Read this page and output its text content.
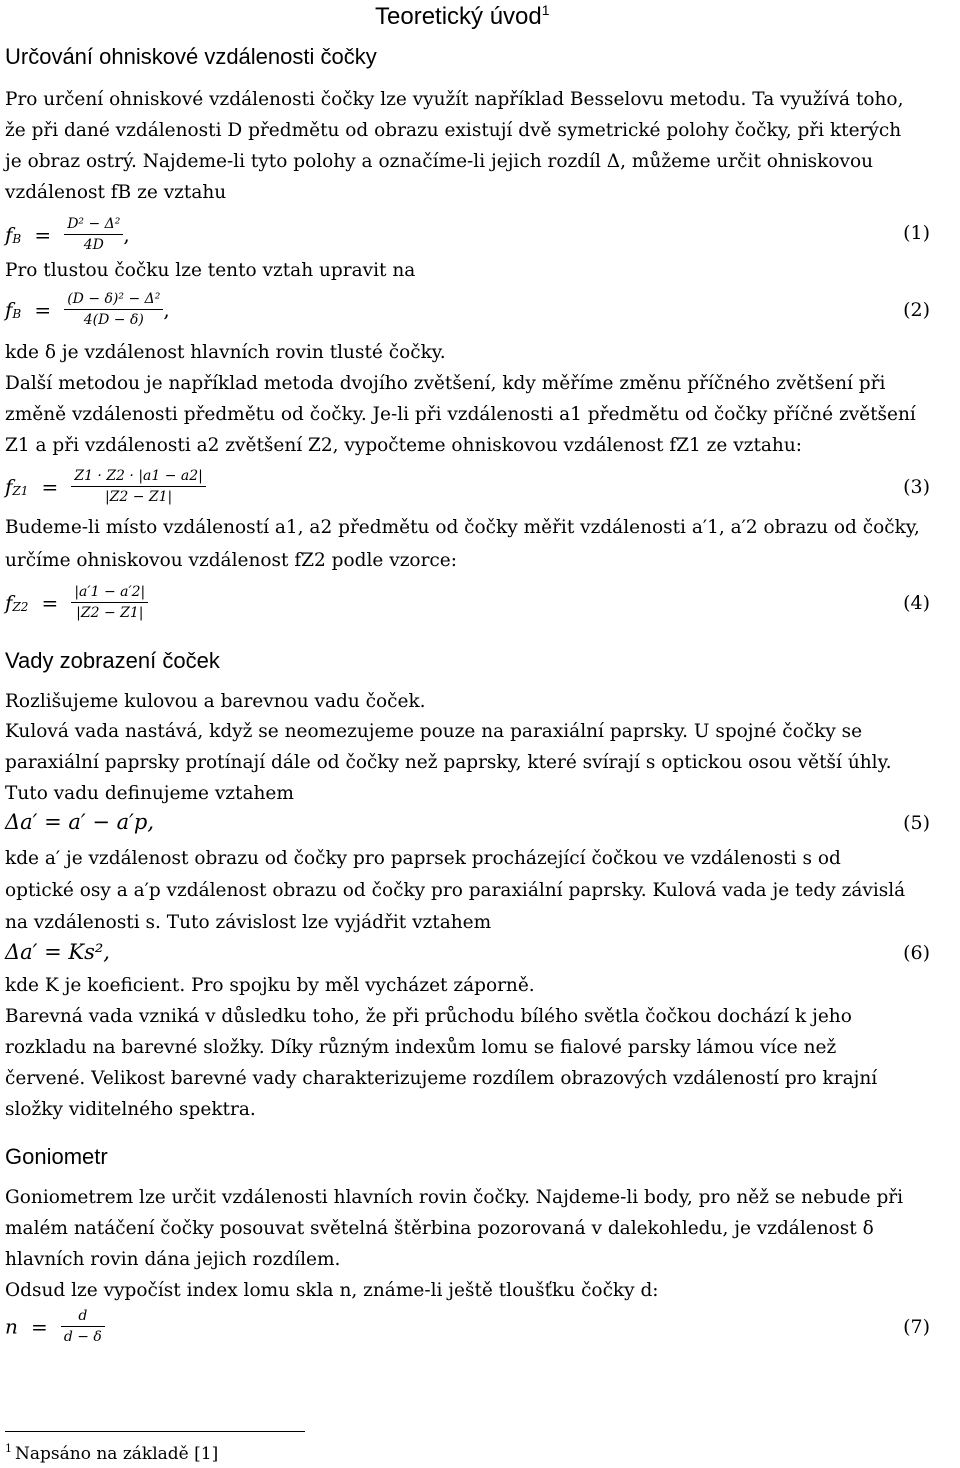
Teoretický úvod$^1$
Určování ohniskové vzdálenosti čočky
Pro určení ohniskové vzdálenosti čočky lze využít například Besselovu metodu. Ta využívá toho,
že při dané vzdálenosti D předmětu od obrazu existují dvě symetrické polohy čočky, při kterých
je obraz ostrý. Najdeme-li tyto polohy a označíme-li jejich rozdíl Δ, můžeme určit ohniskovou
vzdálenost fB ze vztahu
$f_B = \frac{\text{D² − Δ²}}{4D}$ ,	(1)
Pro tlustou čočku lze tento vztah upravit na
$f_B = \frac{\text{(D − δ)² − Δ²}}{4(D - \delta)}$ ,	(2)
kde δ je vzdálenost hlavních rovin tlusté čočky.
Další metodou je například metoda dvojího zvětšení, kdy měříme změnu příčného zvětšení při
změně vzdálenosti předmětu od čočky. Je-li při vzdálenosti a1 předmětu od čočky příčné zvětšení
Z1 a při vzdálenosti a2 zvětšení Z2, vypočteme ohniskovou vzdálenost fZ1 ze vztahu:
$f_{Z1} = \frac{Z1 \cdot Z2 \cdot |a1 - a2|}{|Z2 - Z1|}$	(3)
Budeme-li místo vzdáleností a1, a2 předmětu od čočky měřit vzdálenosti a′1, a′2 obrazu od čočky,
určíme ohniskovou vzdálenost fZ2 podle vzorce:
$f_{Z2} = \frac{|a'1 - a'2|}{|Z2 - Z1|}$	(4)
Vady zobrazení čoček
Rozlišujeme kulovou a barevnou vadu čoček.
Kulová vada nastává, když se neomezujeme pouze na paraxiální paprsky. U spojné čočky se
paraxiální paprsky protínají dále od čočky než paprsky, které svírají s optickou osou větší úhly.
Tuto vadu definujeme vztahem
Δa′ = a′ − a′p,	(5)
kde a′ je vzdálenost obrazu od čočky pro paprsek procházející čočkou ve vzdálenosti s od
optické osy a a′p vzdálenost obrazu od čočky pro paraxiální paprsky. Kulová vada je tedy závislá
na vzdálenosti s. Tuto závislost lze vyjádřit vztahem
Δa′ = Ks²,	(6)
kde K je koeficient. Pro spojku by měl vycházet záporně.
Barevná vada vzniká v důsledku toho, že při průchodu bílého světla čočkou dochází k jeho
rozkladu na barevné složky. Díky různým indexům lomu se fialové parsky lámou více než
červené. Velikost barevné vady charakterizujeme rozdílem obrazových vzdáleností pro krajní
složky viditelného spektra.
Goniometr
Goniometrem lze určit vzdálenosti hlavních rovin čočky. Najdeme-li body, pro něž se nebude při
malém natáčení čočky posouvat světelná štěrbina pozorovaná v dalekohledu, je vzdálenost δ
hlavních rovin dána jejich rozdílem.
Odsud lze vypočíst index lomu skla n, známe-li ještě tloušťku čočky d:
$n = \frac{d}{d - \delta}$	(7)
$^1$ Napsáno na základě [1]
